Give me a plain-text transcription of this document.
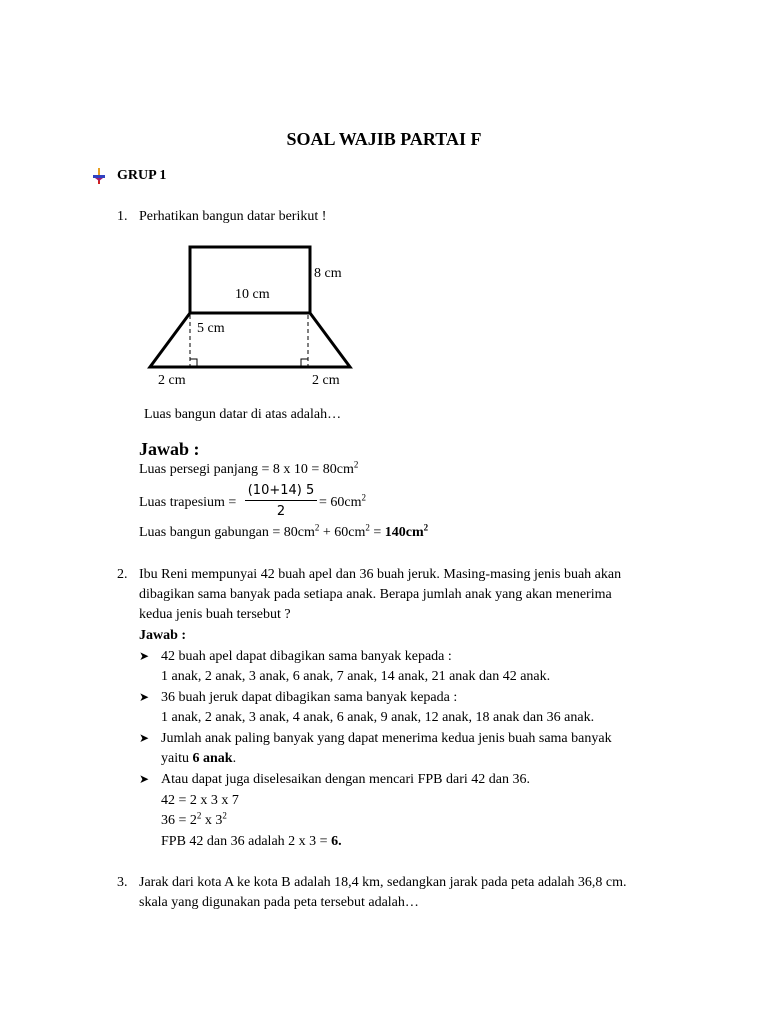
SOAL WAJIB PARTAI F
GRUP 1
1. Perhatikan bangun datar berikut !
8 cm
10 cm
5 cm
2 cm	2 cm
Luas bangun datar di atas adalah…
Jawab :
Luas persegi panjang = 8 x $10 = 80cm^2$
Luas trapesium = $\frac{(10+14) 5}{2} = 60cm^2$
Luas bangun gabungan = $80cm^2 + 60cm^2 = 140cm^2$
2. Ibu Reni mempunyai 42 buah apel dan 36 buah jeruk. Masing-masing jenis buah akan
dibagikan sama banyak pada setiapa anak. Berapa jumlah anak yang akan menerima
kedua jenis buah tersebut ?
Jawab :
➤ 42 buah apel dapat dibagikan sama banyak kepada :
1 anak, 2 anak, 3 anak, 6 anak, 7 anak, 14 anak, 21 anak dan 42 anak.
➤ 36 buah jeruk dapat dibagikan sama banyak kepada :
1 anak, 2 anak, 3 anak, 4 anak, 6 anak, 9 anak, 12 anak, 18 anak dan 36 anak.
➤ Jumlah anak paling banyak yang dapat menerima kedua jenis buah sama banyak
yaitu 6 anak.
➤ Atau dapat juga diselesaikan dengan mencari FPB dari 42 dan 36.
42 = 2 x 3 x 7
$36 = 2^2$ x $3^2$
FPB 42 dan 36 adalah 2 x 3 = 6.
3. Jarak dari kota A ke kota B adalah 18,4 km, sedangkan jarak pada peta adalah 36,8 cm.
skala yang digunakan pada peta tersebut adalah…
